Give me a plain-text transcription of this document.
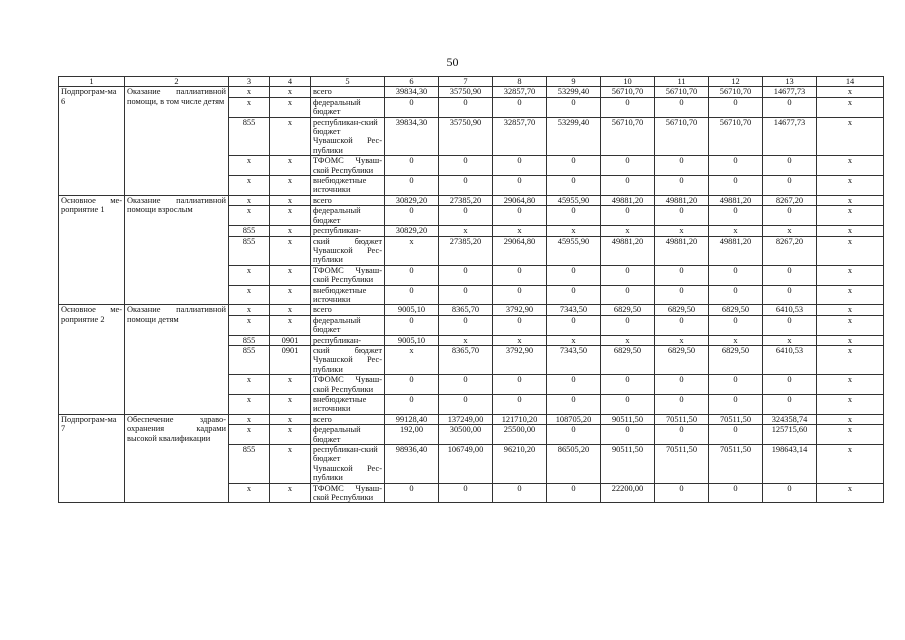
50
1	2	3	4	5	6	7	8	9	10	11	12	13	14
Подпрограм-ма 6	Оказание паллиативной помощи, в том числе детям	x	x	всего	39834,30	35750,90	32857,70	53299,40	56710,70	56710,70	56710,70	14677,73	x
		x	x	федеральный бюджет	0	0	0	0	0	0	0	0	x
		855	x	республикан-ский бюджет Чувашской Рес-публики	39834,30	35750,90	32857,70	53299,40	56710,70	56710,70	56710,70	14677,73	x
		x	x	ТФОМС Чуваш-ской Республики	0	0	0	0	0	0	0	0	x
		x	x	внебюджетные источники	0	0	0	0	0	0	0	0	x
Основное ме-роприятие 1	Оказание паллиативной помощи взрослым	x	x	всего	30829,20	27385,20	29064,80	45955,90	49881,20	49881,20	49881,20	8267,20	x
		x	x	федеральный бюджет	0	0	0	0	0	0	0	0	x
		855	x	республикан-	30829,20	x	x	x	x	x	x	x	x
		855	x	ский бюджет Чувашской Рес-публики	x	27385,20	29064,80	45955,90	49881,20	49881,20	49881,20	8267,20	x
		x	x	ТФОМС Чуваш-ской Республики	0	0	0	0	0	0	0	0	x
		x	x	внебюджетные источники	0	0	0	0	0	0	0	0	x
Основное ме-роприятие 2	Оказание паллиативной помощи детям	x	x	всего	9005,10	8365,70	3792,90	7343,50	6829,50	6829,50	6829,50	6410,53	x
		x	x	федеральный бюджет	0	0	0	0	0	0	0	0	x
		855	0901	республикан-	9005,10	x	x	x	x	x	x	x	x
		855	0901	ский бюджет Чувашской Рес-публики	x	8365,70	3792,90	7343,50	6829,50	6829,50	6829,50	6410,53	x
		x	x	ТФОМС Чуваш-ской Республики	0	0	0	0	0	0	0	0	x
		x	x	внебюджетные источники	0	0	0	0	0	0	0	0	x
Подпрограм-ма 7	Обеспечение здраво-охранения кадрами высокой квалификации	x	x	всего	99128,40	137249,00	121710,20	108705,20	90511,50	70511,50	70511,50	324358,74	x
		x	x	федеральный бюджет	192,00	30500,00	25500,00	0	0	0	0	125715,60	x
		855	x	республикан-ский бюджет Чувашской Рес-публики	98936,40	106749,00	96210,20	86505,20	90511,50	70511,50	70511,50	198643,14	x
		x	x	ТФОМС Чуваш-ской Республики	0	0	0	0	22200,00	0	0	0	x
